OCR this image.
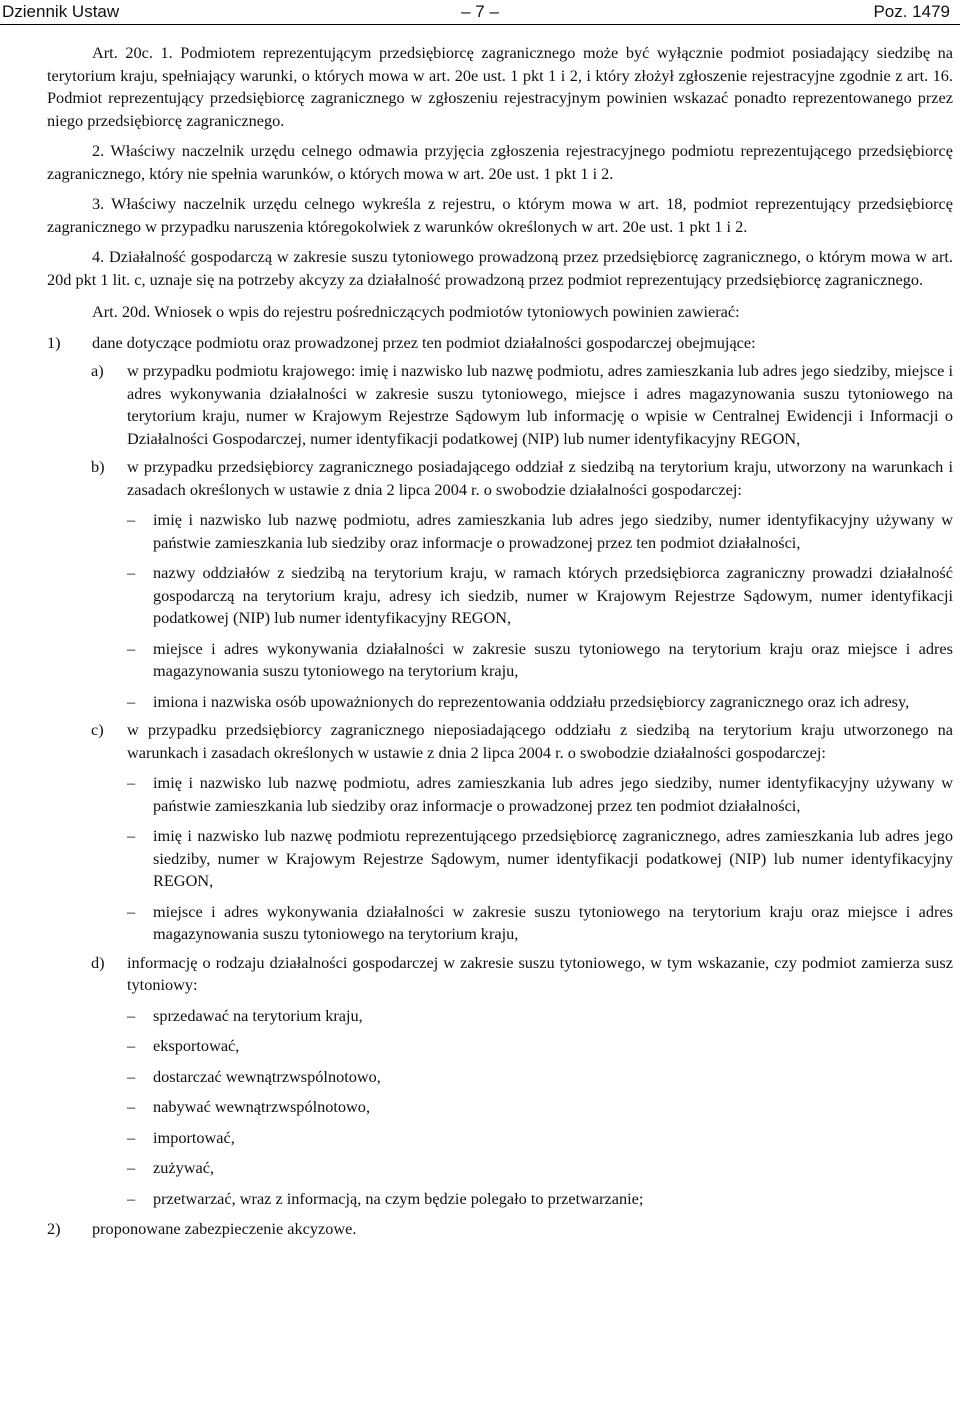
Dziennik Ustaw	– 7 –	Poz. 1479

Art. 20c. 1. Podmiotem reprezentującym przedsiębiorcę zagranicznego może być wyłącznie podmiot posiadający siedzibę na terytorium kraju, spełniający warunki, o których mowa w art. 20e ust. 1 pkt 1 i 2, i który złożył zgłoszenie rejestracyjne zgodnie z art. 16. Podmiot reprezentujący przedsiębiorcę zagranicznego w zgłoszeniu rejestracyjnym powinien wskazać ponadto reprezentowanego przez niego przedsiębiorcę zagranicznego.

2. Właściwy naczelnik urzędu celnego odmawia przyjęcia zgłoszenia rejestracyjnego podmiotu reprezentującego przedsiębiorcę zagranicznego, który nie spełnia warunków, o których mowa w art. 20e ust. 1 pkt 1 i 2.

3. Właściwy naczelnik urzędu celnego wykreśla z rejestru, o którym mowa w art. 18, podmiot reprezentujący przedsiębiorcę zagranicznego w przypadku naruszenia któregokolwiek z warunków określonych w art. 20e ust. 1 pkt 1 i 2.

4. Działalność gospodarczą w zakresie suszu tytoniowego prowadzoną przez przedsiębiorcę zagranicznego, o którym mowa w art. 20d pkt 1 lit. c, uznaje się na potrzeby akcyzy za działalność prowadzoną przez podmiot reprezentujący przedsiębiorcę zagranicznego.

Art. 20d. Wniosek o wpis do rejestru pośredniczących podmiotów tytoniowych powinien zawierać:

1) dane dotyczące podmiotu oraz prowadzonej przez ten podmiot działalności gospodarczej obejmujące:

a) w przypadku podmiotu krajowego: imię i nazwisko lub nazwę podmiotu, adres zamieszkania lub adres jego siedziby, miejsce i adres wykonywania działalności w zakresie suszu tytoniowego, miejsce i adres magazynowania suszu tytoniowego na terytorium kraju, numer w Krajowym Rejestrze Sądowym lub informację o wpisie w Centralnej Ewidencji i Informacji o Działalności Gospodarczej, numer identyfikacji podatkowej (NIP) lub numer identyfikacyjny REGON,

b) w przypadku przedsiębiorcy zagranicznego posiadającego oddział z siedzibą na terytorium kraju, utworzony na warunkach i zasadach określonych w ustawie z dnia 2 lipca 2004 r. o swobodzie działalności gospodarczej:

– imię i nazwisko lub nazwę podmiotu, adres zamieszkania lub adres jego siedziby, numer identyfikacyjny używany w państwie zamieszkania lub siedziby oraz informacje o prowadzonej przez ten podmiot działalności,

– nazwy oddziałów z siedzibą na terytorium kraju, w ramach których przedsiębiorca zagraniczny prowadzi działalność gospodarczą na terytorium kraju, adresy ich siedzib, numer w Krajowym Rejestrze Sądowym, numer identyfikacji podatkowej (NIP) lub numer identyfikacyjny REGON,

– miejsce i adres wykonywania działalności w zakresie suszu tytoniowego na terytorium kraju oraz miejsce i adres magazynowania suszu tytoniowego na terytorium kraju,

– imiona i nazwiska osób upoważnionych do reprezentowania oddziału przedsiębiorcy zagranicznego oraz ich adresy,

c) w przypadku przedsiębiorcy zagranicznego nieposiadającego oddziału z siedzibą na terytorium kraju utworzonego na warunkach i zasadach określonych w ustawie z dnia 2 lipca 2004 r. o swobodzie działalności gospodarczej:

– imię i nazwisko lub nazwę podmiotu, adres zamieszkania lub adres jego siedziby, numer identyfikacyjny używany w państwie zamieszkania lub siedziby oraz informacje o prowadzonej przez ten podmiot działalności,

– imię i nazwisko lub nazwę podmiotu reprezentującego przedsiębiorcę zagranicznego, adres zamieszkania lub adres jego siedziby, numer w Krajowym Rejestrze Sądowym, numer identyfikacji podatkowej (NIP) lub numer identyfikacyjny REGON,

– miejsce i adres wykonywania działalności w zakresie suszu tytoniowego na terytorium kraju oraz miejsce i adres magazynowania suszu tytoniowego na terytorium kraju,

d) informację o rodzaju działalności gospodarczej w zakresie suszu tytoniowego, w tym wskazanie, czy podmiot zamierza susz tytoniowy:

– sprzedawać na terytorium kraju,

– eksportować,

– dostarczać wewnątrzwspólnotowo,

– nabywać wewnątrzwspólnotowo,

– importować,

– zużywać,

– przetwarzać, wraz z informacją, na czym będzie polegało to przetwarzanie;

2) proponowane zabezpieczenie akcyzowe.
